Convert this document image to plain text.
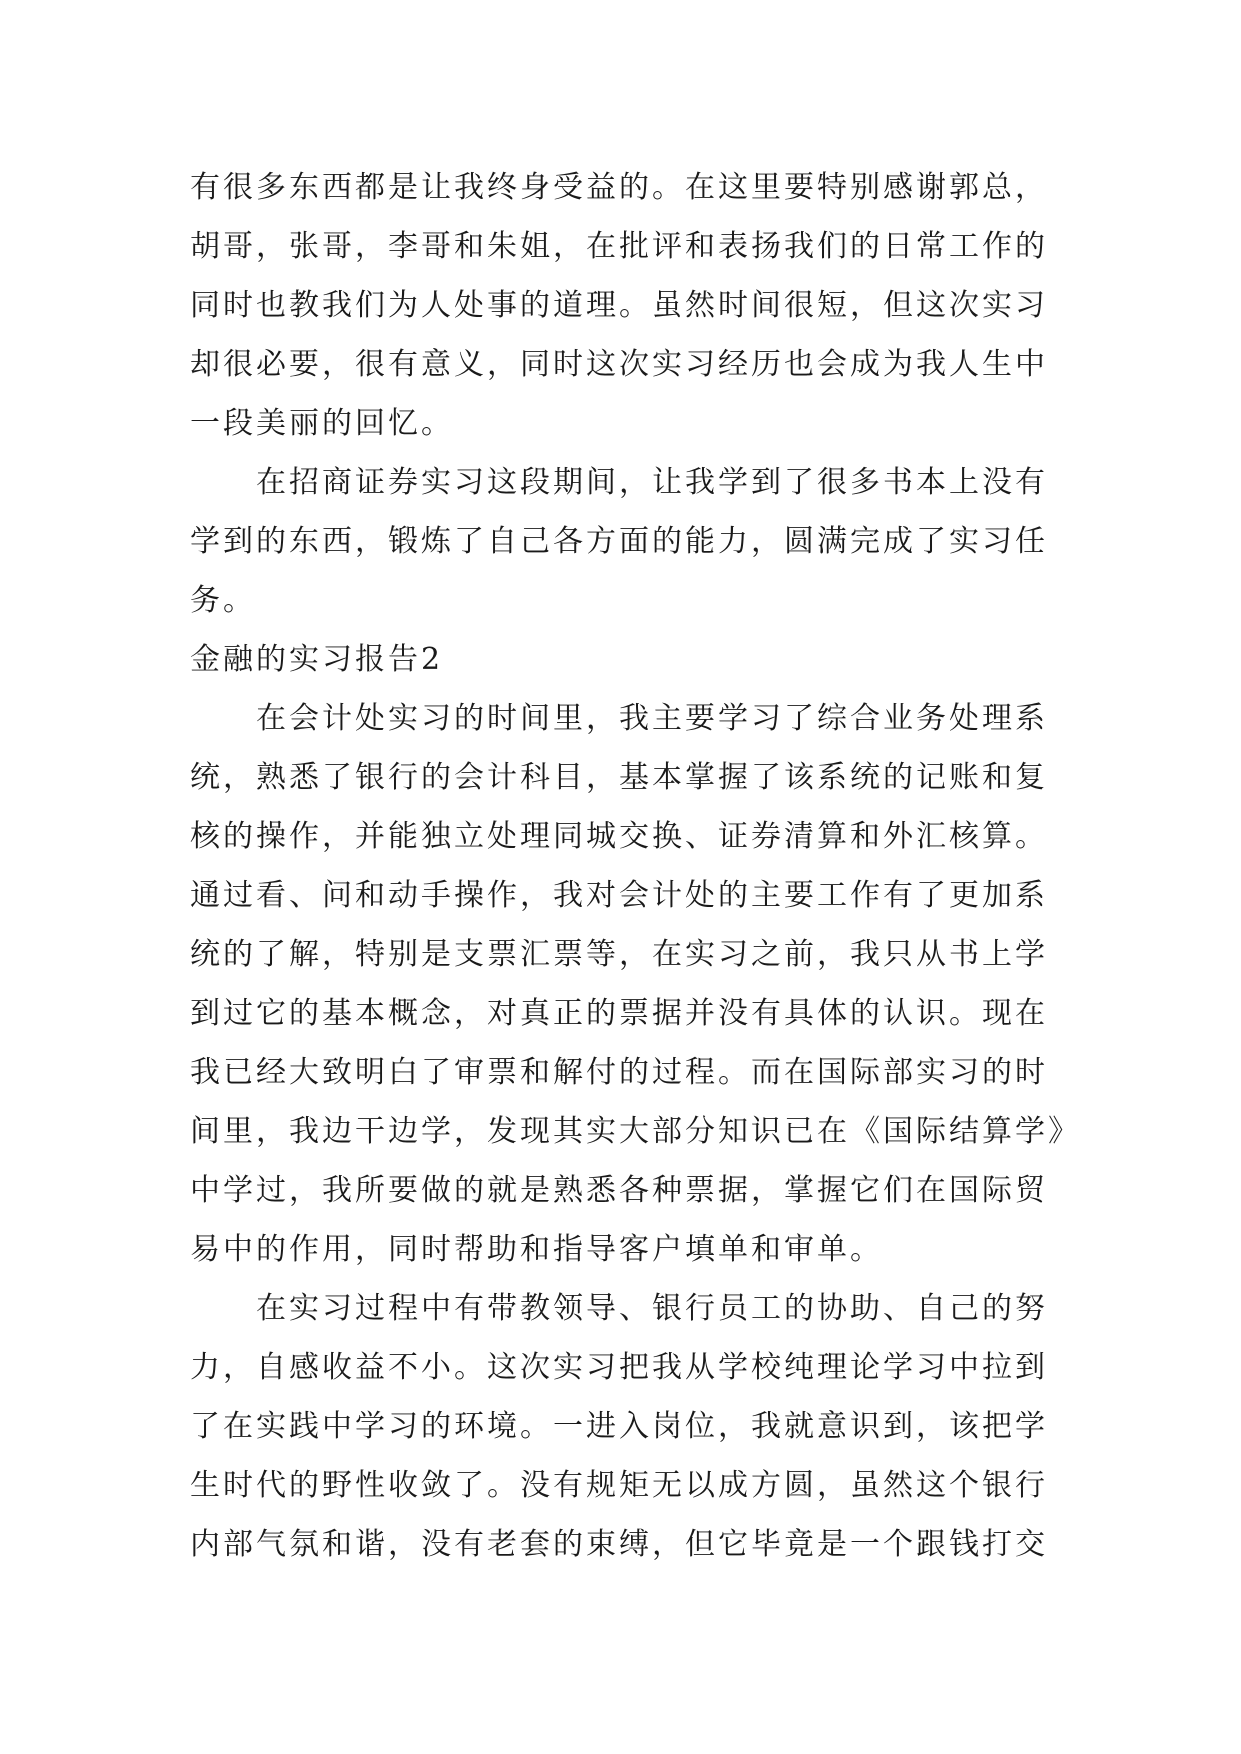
有很多东西都是让我终身受益的。在这里要特别感谢郭总，
胡哥，张哥，李哥和朱姐，在批评和表扬我们的日常工作的
同时也教我们为人处事的道理。虽然时间很短，但这次实习
却很必要，很有意义，同时这次实习经历也会成为我人生中
一段美丽的回忆。
在招商证券实习这段期间，让我学到了很多书本上没有
学到的东西，锻炼了自己各方面的能力，圆满完成了实习任
务。
金融的实习报告2
在会计处实习的时间里，我主要学习了综合业务处理系
统，熟悉了银行的会计科目，基本掌握了该系统的记账和复
核的操作，并能独立处理同城交换、证券清算和外汇核算。
通过看、问和动手操作，我对会计处的主要工作有了更加系
统的了解，特别是支票汇票等，在实习之前，我只从书上学
到过它的基本概念，对真正的票据并没有具体的认识。现在
我已经大致明白了审票和解付的过程。而在国际部实习的时
间里，我边干边学，发现其实大部分知识已在《国际结算学》
中学过，我所要做的就是熟悉各种票据，掌握它们在国际贸
易中的作用，同时帮助和指导客户填单和审单。
在实习过程中有带教领导、银行员工的协助、自己的努
力，自感收益不小。这次实习把我从学校纯理论学习中拉到
了在实践中学习的环境。一进入岗位，我就意识到，该把学
生时代的野性收敛了。没有规矩无以成方圆，虽然这个银行
内部气氛和谐，没有老套的束缚，但它毕竟是一个跟钱打交
